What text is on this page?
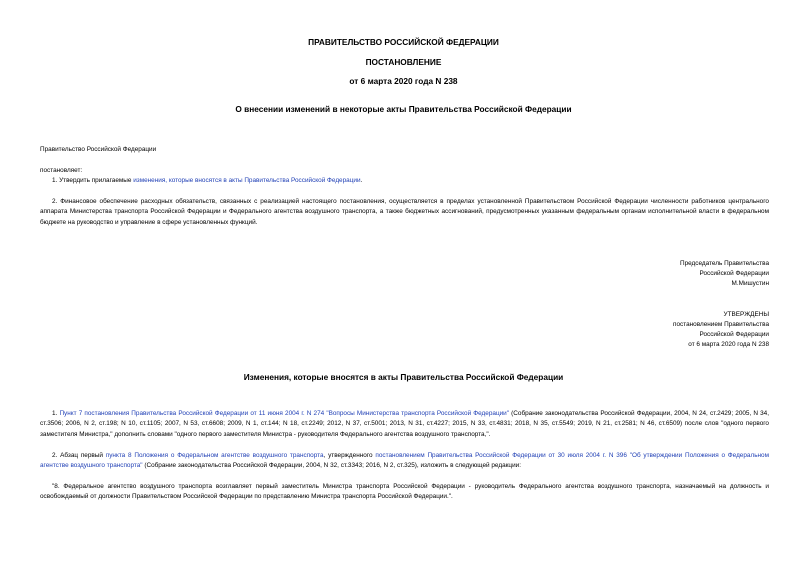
ПРАВИТЕЛЬСТВО РОССИЙСКОЙ ФЕДЕРАЦИИ
ПОСТАНОВЛЕНИЕ
от 6 марта 2020 года N 238
О внесении изменений в некоторые акты Правительства Российской Федерации
Правительство Российской Федерации
постановляет:
1. Утвердить прилагаемые изменения, которые вносятся в акты Правительства Российской Федерации.
2. Финансовое обеспечение расходных обязательств, связанных с реализацией настоящего постановления, осуществляется в пределах установленной Правительством Российской Федерации численности работников центрального аппарата Министерства транспорта Российской Федерации и Федерального агентства воздушного транспорта, а также бюджетных ассигнований, предусмотренных указанным федеральным органам исполнительной власти в федеральном бюджете на руководство и управление в сфере установленных функций.
Председатель Правительства
Российской Федерации
М.Мишустин
УТВЕРЖДЕНЫ
постановлением Правительства
Российской Федерации
от 6 марта 2020 года N 238
Изменения, которые вносятся в акты Правительства Российской Федерации
1. Пункт 7 постановления Правительства Российской Федерации от 11 июня 2004 г. N 274 "Вопросы Министерства транспорта Российской Федерации" (Собрание законодательства Российской Федерации, 2004, N 24, ст.2429; 2005, N 34, ст.3506; 2006, N 2, ст.198; N 10, ст.1105; 2007, N 53, ст.6608; 2009, N 1, ст.144; N 18, ст.2249; 2012, N 37, ст.5001; 2013, N 31, ст.4227; 2015, N 33, ст.4831; 2018, N 35, ст.5549; 2019, N 21, ст.2581; N 46, ст.6509) после слов "одного первого заместителя Министра," дополнить словами "одного первого заместителя Министра - руководителя Федерального агентства воздушного транспорта,".
2. Абзац первый пункта 8 Положения о Федеральном агентстве воздушного транспорта, утвержденного постановлением Правительства Российской Федерации от 30 июля 2004 г. N 396 "Об утверждении Положения о Федеральном агентстве воздушного транспорта" (Собрание законодательства Российской Федерации, 2004, N 32, ст.3343; 2016, N 2, ст.325), изложить в следующей редакции:
"8. Федеральное агентство воздушного транспорта возглавляет первый заместитель Министра транспорта Российской Федерации - руководитель Федерального агентства воздушного транспорта, назначаемый на должность и освобождаемый от должности Правительством Российской Федерации по представлению Министра транспорта Российской Федерации.".
